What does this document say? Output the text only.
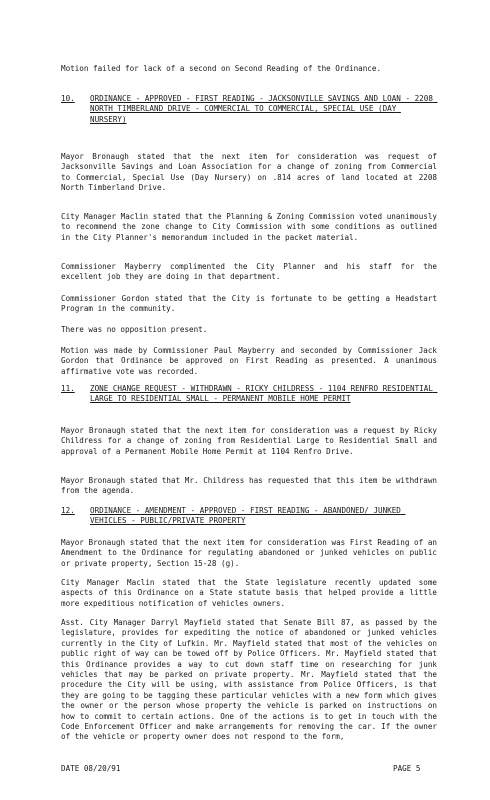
Motion failed for lack of a second on Second Reading of the Ordinance.

10. ORDINANCE - APPROVED - FIRST READING - JACKSONVILLE SAVINGS AND LOAN - 2208 NORTH TIMBERLAND DRIVE - COMMERCIAL TO COMMERCIAL, SPECIAL USE (DAY NURSERY)

Mayor Bronaugh stated that the next item for consideration was request of Jacksonville Savings and Loan Association for a change of zoning from Commercial to Commercial, Special Use (Day Nursery) on .814 acres of land located at 2208 North Timberland Drive.

City Manager Maclin stated that the Planning & Zoning Commission voted unanimously to recommend the zone change to City Commission with some conditions as outlined in the City Planner's memorandum included in the packet material.

Commissioner Mayberry complimented the City Planner and his staff for the excellent job they are doing in that department.

Commissioner Gordon stated that the City is fortunate to be getting a Headstart Program in the community.

There was no opposition present.

Motion was made by Commissioner Paul Mayberry and seconded by Commissioner Jack Gordon that Ordinance be approved on First Reading as presented. A unanimous affirmative vote was recorded.

11. ZONE CHANGE REQUEST - WITHDRAWN - RICKY CHILDRESS - 1104 RENFRO RESIDENTIAL LARGE TO RESIDENTIAL SMALL - PERMANENT MOBILE HOME PERMIT

Mayor Bronaugh stated that the next item for consideration was a request by Ricky Childress for a change of zoning from Residential Large to Residential Small and approval of a Permanent Mobile Home Permit at 1104 Renfro Drive.

Mayor Bronaugh stated that Mr. Childress has requested that this item be withdrawn from the agenda.

12. ORDINANCE - AMENDMENT - APPROVED - FIRST READING - ABANDONED/ JUNKED VEHICLES - PUBLIC/PRIVATE PROPERTY

Mayor Bronaugh stated that the next item for consideration was First Reading of an Amendment to the Ordinance for regulating abandoned or junked vehicles on public or private property, Section 15-28 (g).

City Manager Maclin stated that the State legislature recently updated some aspects of this Ordinance on a State statute basis that helped provide a little more expeditious notification of vehicles owners.

Asst. City Manager Darryl Mayfield stated that Senate Bill 87, as passed by the legislature, provides for expediting the notice of abandoned or junked vehicles currently in the City of Lufkin. Mr. Mayfield stated that most of the vehicles on public right of way can be towed off by Police Officers. Mr. Mayfield stated that this Ordinance provides a way to cut down staff time on researching for junk vehicles that may be parked on private property. Mr. Mayfield stated that the procedure the City will be using, with assistance from Police Officers, is that they are going to be tagging these particular vehicles with a new form which gives the owner or the person whose property the vehicle is parked on instructions on how to commit to certain actions. One of the actions is to get in touch with the Code Enforcement Officer and make arrangements for removing the car. If the owner of the vehicle or property owner does not respond to the form,

DATE 08/20/91	PAGE 5
